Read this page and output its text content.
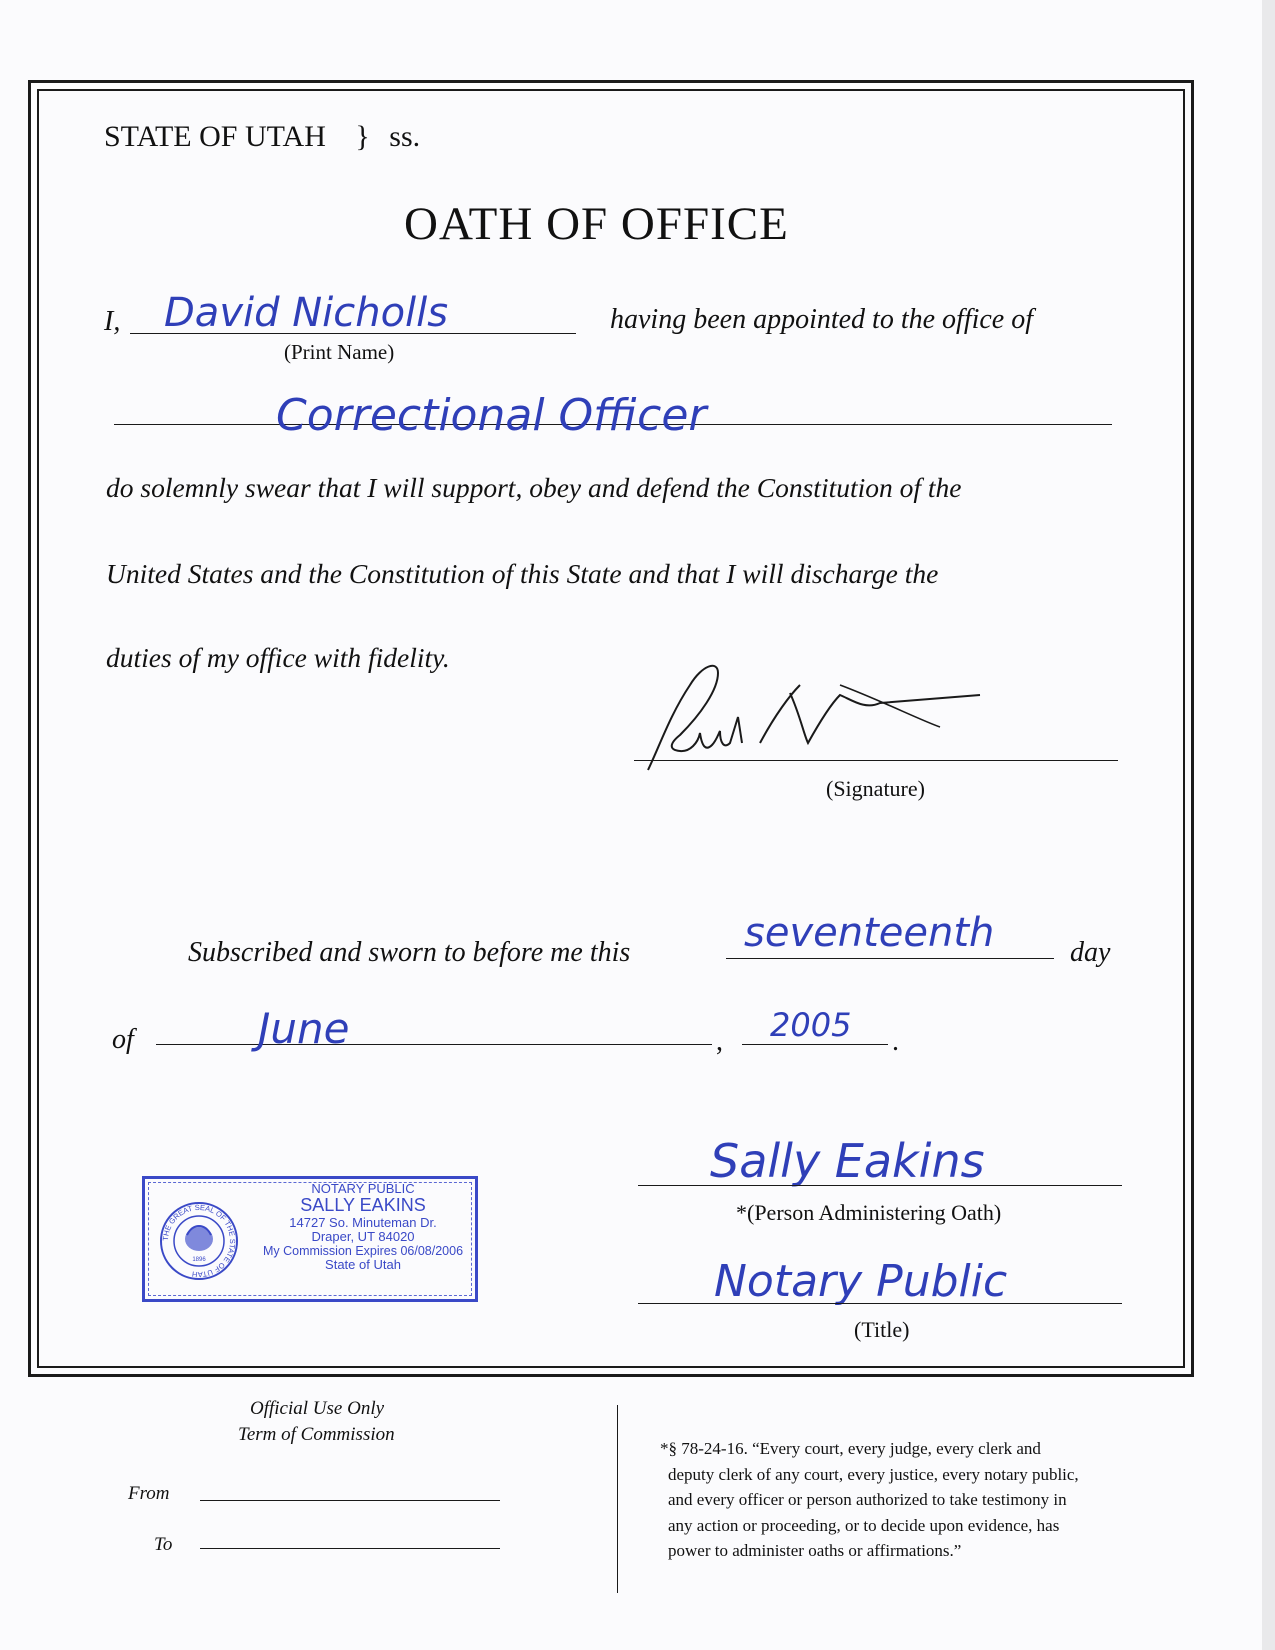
STATE OF UTAH } ss.
OATH OF OFFICE
I, David Nicholls
(Print Name)
having been appointed to the office of
Correctional Officer
do solemnly swear that I will support, obey and defend the Constitution of the
United States and the Constitution of this State and that I will discharge the
duties of my office with fidelity.
(Signature)
Subscribed and sworn to before me this	seventeenth	day
of	June	, 2005 .
Sally Eakins
*(Person Administering Oath)
Notary Public
(Title)
THE GREAT SEAL OF THE STATE OF UTAH
1896
NOTARY PUBLIC
SALLY EAKINS
14727 So. Minuteman Dr.
Draper, UT 84020
My Commission Expires 06/08/2006
State of Utah
Official Use Only
Term of Commission
From
To
*§ 78-24-16. “Every court, every judge, every clerk and
deputy clerk of any court, every justice, every notary public,
and every officer or person authorized to take testimony in
any action or proceeding, or to decide upon evidence, has
power to administer oaths or affirmations.”
